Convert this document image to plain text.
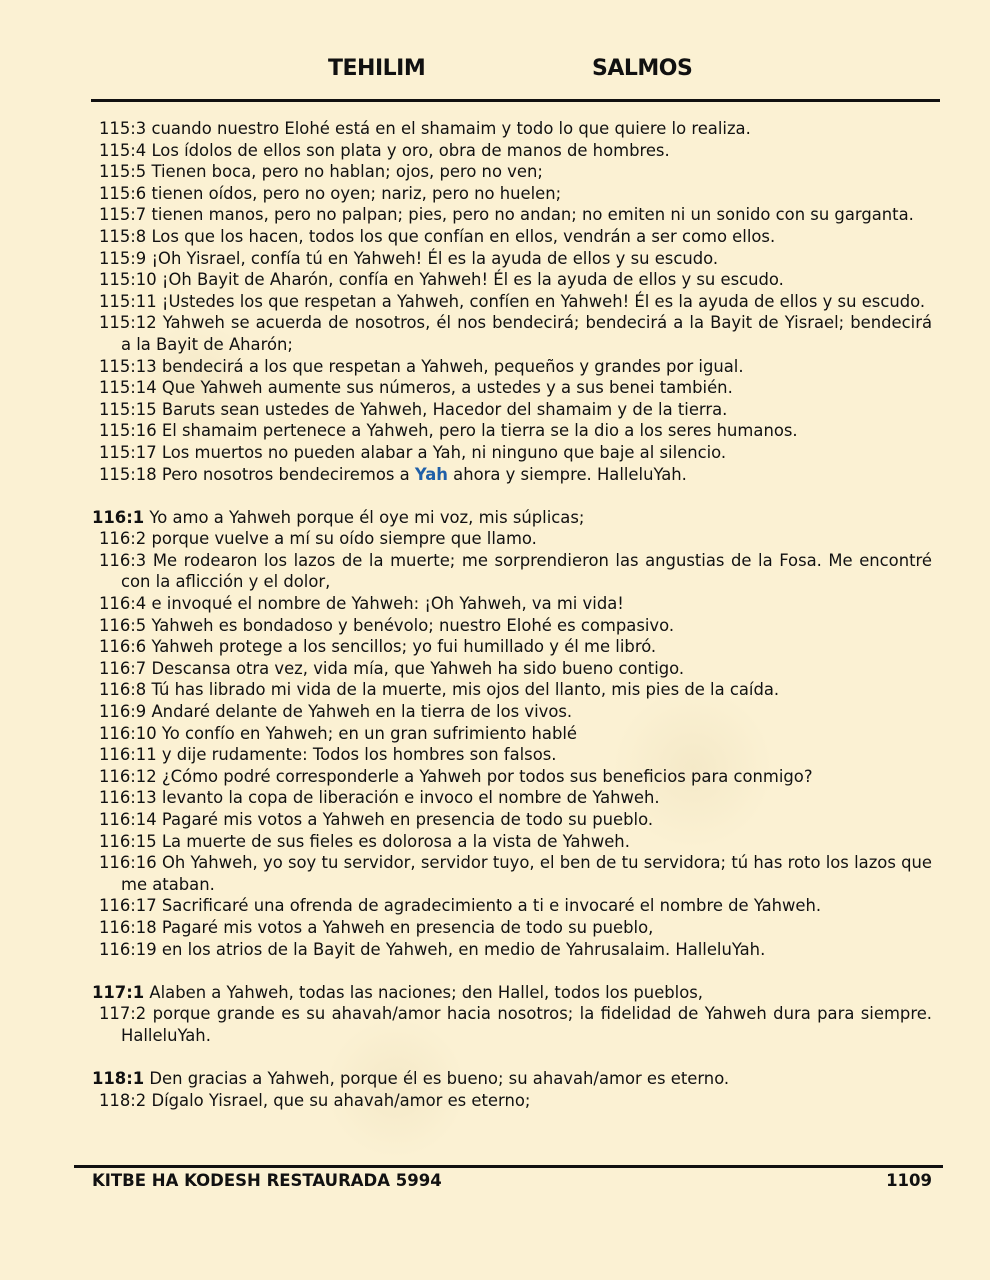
TEHILIM	SALMOS

115:3 cuando nuestro Elohé está en el shamaim y todo lo que quiere lo realiza.

115:4 Los ídolos de ellos son plata y oro, obra de manos de hombres.

115:5 Tienen boca, pero no hablan; ojos, pero no ven;

115:6 tienen oídos, pero no oyen; nariz, pero no huelen;

115:7 tienen manos, pero no palpan; pies, pero no andan; no emiten ni un sonido con su garganta.

115:8 Los que los hacen, todos los que confían en ellos, vendrán a ser como ellos.

115:9 ¡Oh Yisrael, confía tú en Yahweh! Él es la ayuda de ellos y su escudo.

115:10 ¡Oh Bayit de Aharón, confía en Yahweh! Él es la ayuda de ellos y su escudo.

115:11 ¡Ustedes los que respetan a Yahweh, confíen en Yahweh! Él es la ayuda de ellos y su escudo.

115:12 Yahweh se acuerda de nosotros, él nos bendecirá; bendecirá a la Bayit de Yisrael; bendecirá a la Bayit de Aharón;

115:13 bendecirá a los que respetan a Yahweh, pequeños y grandes por igual.

115:14 Que Yahweh aumente sus números, a ustedes y a sus benei también.

115:15 Baruts sean ustedes de Yahweh, Hacedor del shamaim y de la tierra.

115:16 El shamaim pertenece a Yahweh, pero la tierra se la dio a los seres humanos.

115:17 Los muertos no pueden alabar a Yah, ni ninguno que baje al silencio.

115:18 Pero nosotros bendeciremos a Yah ahora y siempre. HalleluYah.

116:1 Yo amo a Yahweh porque él oye mi voz, mis súplicas;

116:2 porque vuelve a mí su oído siempre que llamo.

116:3 Me rodearon los lazos de la muerte; me sorprendieron las angustias de la Fosa. Me encontré con la aflicción y el dolor,

116:4 e invoqué el nombre de Yahweh: ¡Oh Yahweh, va mi vida!

116:5 Yahweh es bondadoso y benévolo; nuestro Elohé es compasivo.

116:6 Yahweh protege a los sencillos; yo fui humillado y él me libró.

116:7 Descansa otra vez, vida mía, que Yahweh ha sido bueno contigo.

116:8 Tú has librado mi vida de la muerte, mis ojos del llanto, mis pies de la caída.

116:9 Andaré delante de Yahweh en la tierra de los vivos.

116:10 Yo confío en Yahweh; en un gran sufrimiento hablé

116:11 y dije rudamente: Todos los hombres son falsos.

116:12 ¿Cómo podré corresponderle a Yahweh por todos sus beneficios para conmigo?

116:13 levanto la copa de liberación e invoco el nombre de Yahweh.

116:14 Pagaré mis votos a Yahweh en presencia de todo su pueblo.

116:15 La muerte de sus fieles es dolorosa a la vista de Yahweh.

116:16 Oh Yahweh, yo soy tu servidor, servidor tuyo, el ben de tu servidora; tú has roto los lazos que me ataban.

116:17 Sacrificaré una ofrenda de agradecimiento a ti e invocaré el nombre de Yahweh.

116:18 Pagaré mis votos a Yahweh en presencia de todo su pueblo,

116:19 en los atrios de la Bayit de Yahweh, en medio de Yahrusalaim. HalleluYah.

117:1 Alaben a Yahweh, todas las naciones; den Hallel, todos los pueblos,

117:2 porque grande es su ahavah/amor hacia nosotros; la fidelidad de Yahweh dura para siempre. HalleluYah.

118:1 Den gracias a Yahweh, porque él es bueno; su ahavah/amor es eterno.

118:2 Dígalo Yisrael, que su ahavah/amor es eterno;

KITBE HA KODESH RESTAURADA 5994	1109
